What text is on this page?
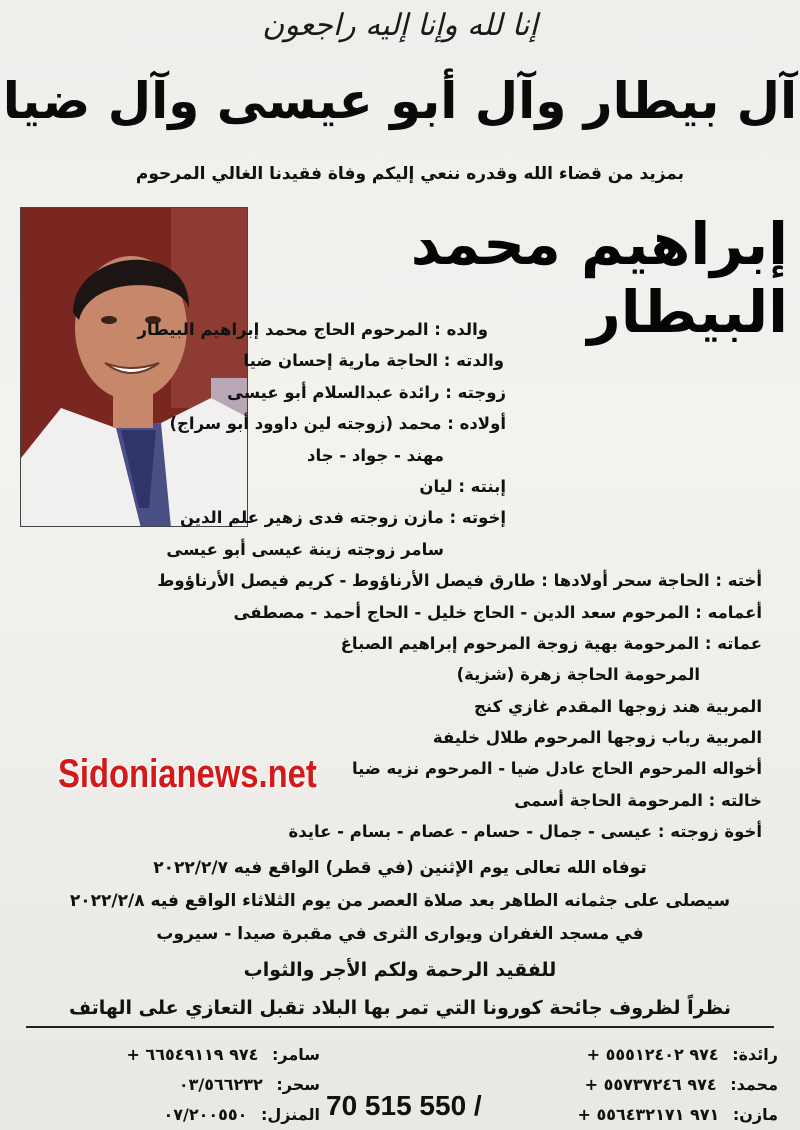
إنا لله وإنا إليه راجعون
آل بيطار وآل أبو عيسى وآل ضيا
بمزيد من قضاء الله وقدره ننعي إليكم وفاة فقيدنا الغالي المرحوم
إبراهيم محمد البيطار
والده : المرحوم الحاج محمد إبراهيم البيطار
والدته : الحاجة مارية إحسان ضيا
زوجته : رائدة عبدالسلام أبو عيسى
أولاده : محمد (زوجته لين داوود أبو سراج)
مهند - جواد - جاد
إبنته : ليان
إخوته : مازن زوجته فدى زهير علم الدين
سامر زوجته زينة عيسى أبو عيسى
أخته : الحاجة سحر أولادها : طارق فيصل الأرناؤوط - كريم فيصل الأرناؤوط
أعمامه : المرحوم سعد الدين - الحاج خليل - الحاج أحمد - مصطفى
عماته : المرحومة بهية زوجة المرحوم إبراهيم الصباغ
المرحومة الحاجة زهرة (شزية)
المربية هند زوجها المقدم غازي كنج
المربية رباب زوجها المرحوم طلال خليفة
أخواله المرحوم الحاج عادل ضيا - المرحوم نزيه ضيا
خالته : المرحومة الحاجة أسمى
أخوة زوجته : عيسى - جمال - حسام - عصام - بسام - عايدة
Sidonianews.net
توفاه الله تعالى يوم الإثنين (في قطر) الواقع فيه ٢٠٢٢/٢/٧
سيصلى على جثمانه الطاهر بعد صلاة العصر من يوم الثلاثاء الواقع فيه ٢٠٢٢/٢/٨
في مسجد الغفران ويوارى الثرى في مقبرة صيدا - سيروب
للفقيد الرحمة ولكم الأجر والثواب
نظراً لظروف جائحة كورونا التي تمر بها البلاد تقبل التعازي على الهاتف
رائدة: + ٩٧٤ ٥٥٥١٢٤٠٢
محمد: + ٩٧٤ ٥٥٧٣٧٢٤٦
مازن: + ٩٧١ ٥٥٦٤٣٢١٧١
سامر: + ٩٧٤ ٦٦٥٤٩١١٩
سحر: ٠٣/٥٦٦٢٣٢
المنزل: ٠٧/٢٠٠٥٥٠	70 515 550 /
